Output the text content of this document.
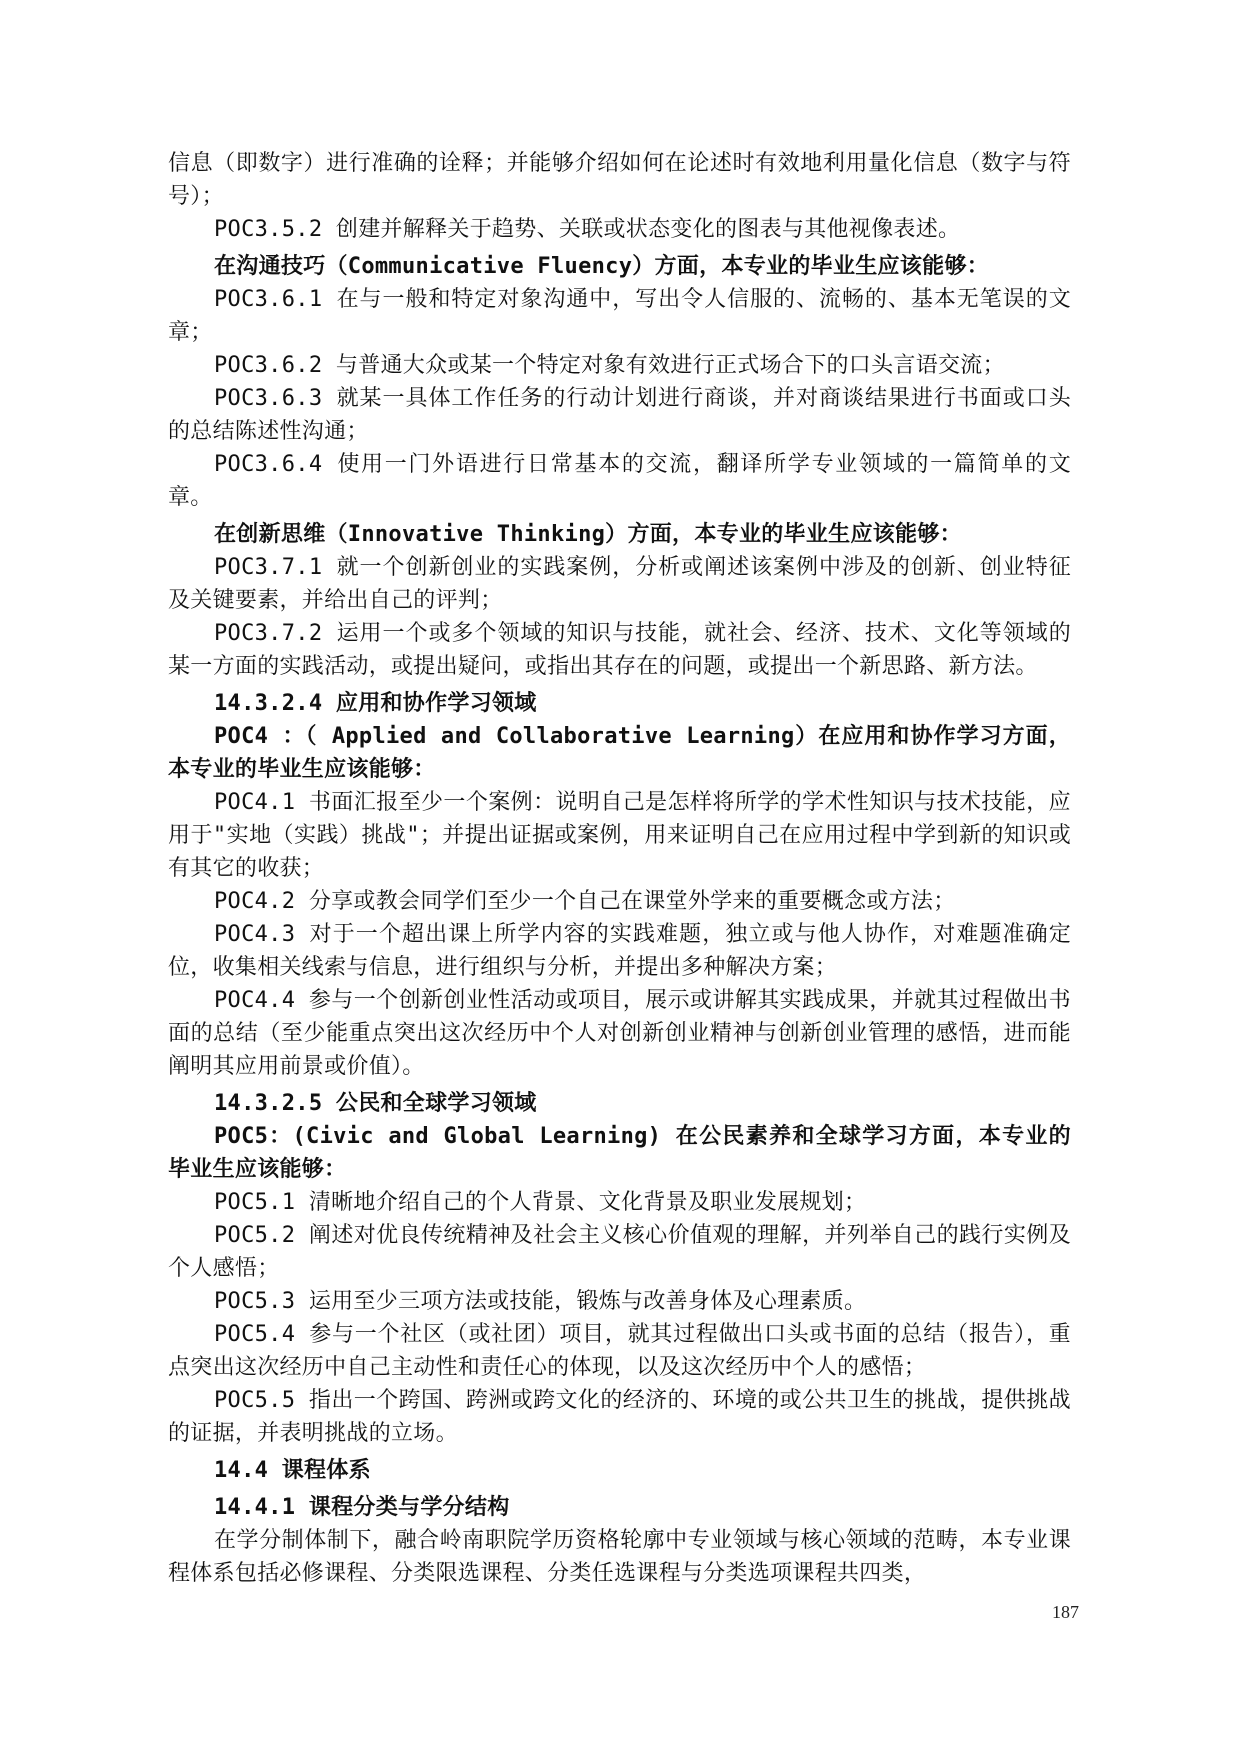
信息（即数字）进行准确的诠释；并能够介绍如何在论述时有效地利用量化信息（数字与符号）；

POC3.5.2 创建并解释关于趋势、关联或状态变化的图表与其他视像表述。

在沟通技巧（Communicative Fluency）方面，本专业的毕业生应该能够：

POC3.6.1 在与一般和特定对象沟通中，写出令人信服的、流畅的、基本无笔误的文章；

POC3.6.2 与普通大众或某一个特定对象有效进行正式场合下的口头言语交流；

POC3.6.3 就某一具体工作任务的行动计划进行商谈，并对商谈结果进行书面或口头的总结陈述性沟通；

POC3.6.4 使用一门外语进行日常基本的交流，翻译所学专业领域的一篇简单的文章。

在创新思维（Innovative Thinking）方面，本专业的毕业生应该能够：

POC3.7.1 就一个创新创业的实践案例，分析或阐述该案例中涉及的创新、创业特征及关键要素，并给出自己的评判；

POC3.7.2 运用一个或多个领域的知识与技能，就社会、经济、技术、文化等领域的某一方面的实践活动，或提出疑问，或指出其存在的问题，或提出一个新思路、新方法。

14.3.2.4 应用和协作学习领域

POC4 ：（ Applied and Collaborative Learning）在应用和协作学习方面，本专业的毕业生应该能够：

POC4.1 书面汇报至少一个案例：说明自己是怎样将所学的学术性知识与技术技能，应用于"实地（实践）挑战"；并提出证据或案例，用来证明自己在应用过程中学到新的知识或有其它的收获；

POC4.2 分享或教会同学们至少一个自己在课堂外学来的重要概念或方法；

POC4.3 对于一个超出课上所学内容的实践难题，独立或与他人协作，对难题准确定位，收集相关线索与信息，进行组织与分析，并提出多种解决方案；

POC4.4 参与一个创新创业性活动或项目，展示或讲解其实践成果，并就其过程做出书面的总结（至少能重点突出这次经历中个人对创新创业精神与创新创业管理的感悟，进而能阐明其应用前景或价值）。

14.3.2.5 公民和全球学习领域

POC5：(Civic and Global Learning) 在公民素养和全球学习方面，本专业的毕业生应该能够：

POC5.1 清晰地介绍自己的个人背景、文化背景及职业发展规划；

POC5.2 阐述对优良传统精神及社会主义核心价值观的理解，并列举自己的践行实例及个人感悟；

POC5.3 运用至少三项方法或技能，锻炼与改善身体及心理素质。

POC5.4 参与一个社区（或社团）项目，就其过程做出口头或书面的总结（报告），重点突出这次经历中自己主动性和责任心的体现，以及这次经历中个人的感悟；

POC5.5 指出一个跨国、跨洲或跨文化的经济的、环境的或公共卫生的挑战，提供挑战的证据，并表明挑战的立场。

14.4 课程体系

14.4.1 课程分类与学分结构

在学分制体制下，融合岭南职院学历资格轮廓中专业领域与核心领域的范畴，本专业课程体系包括必修课程、分类限选课程、分类任选课程与分类选项课程共四类，

187
